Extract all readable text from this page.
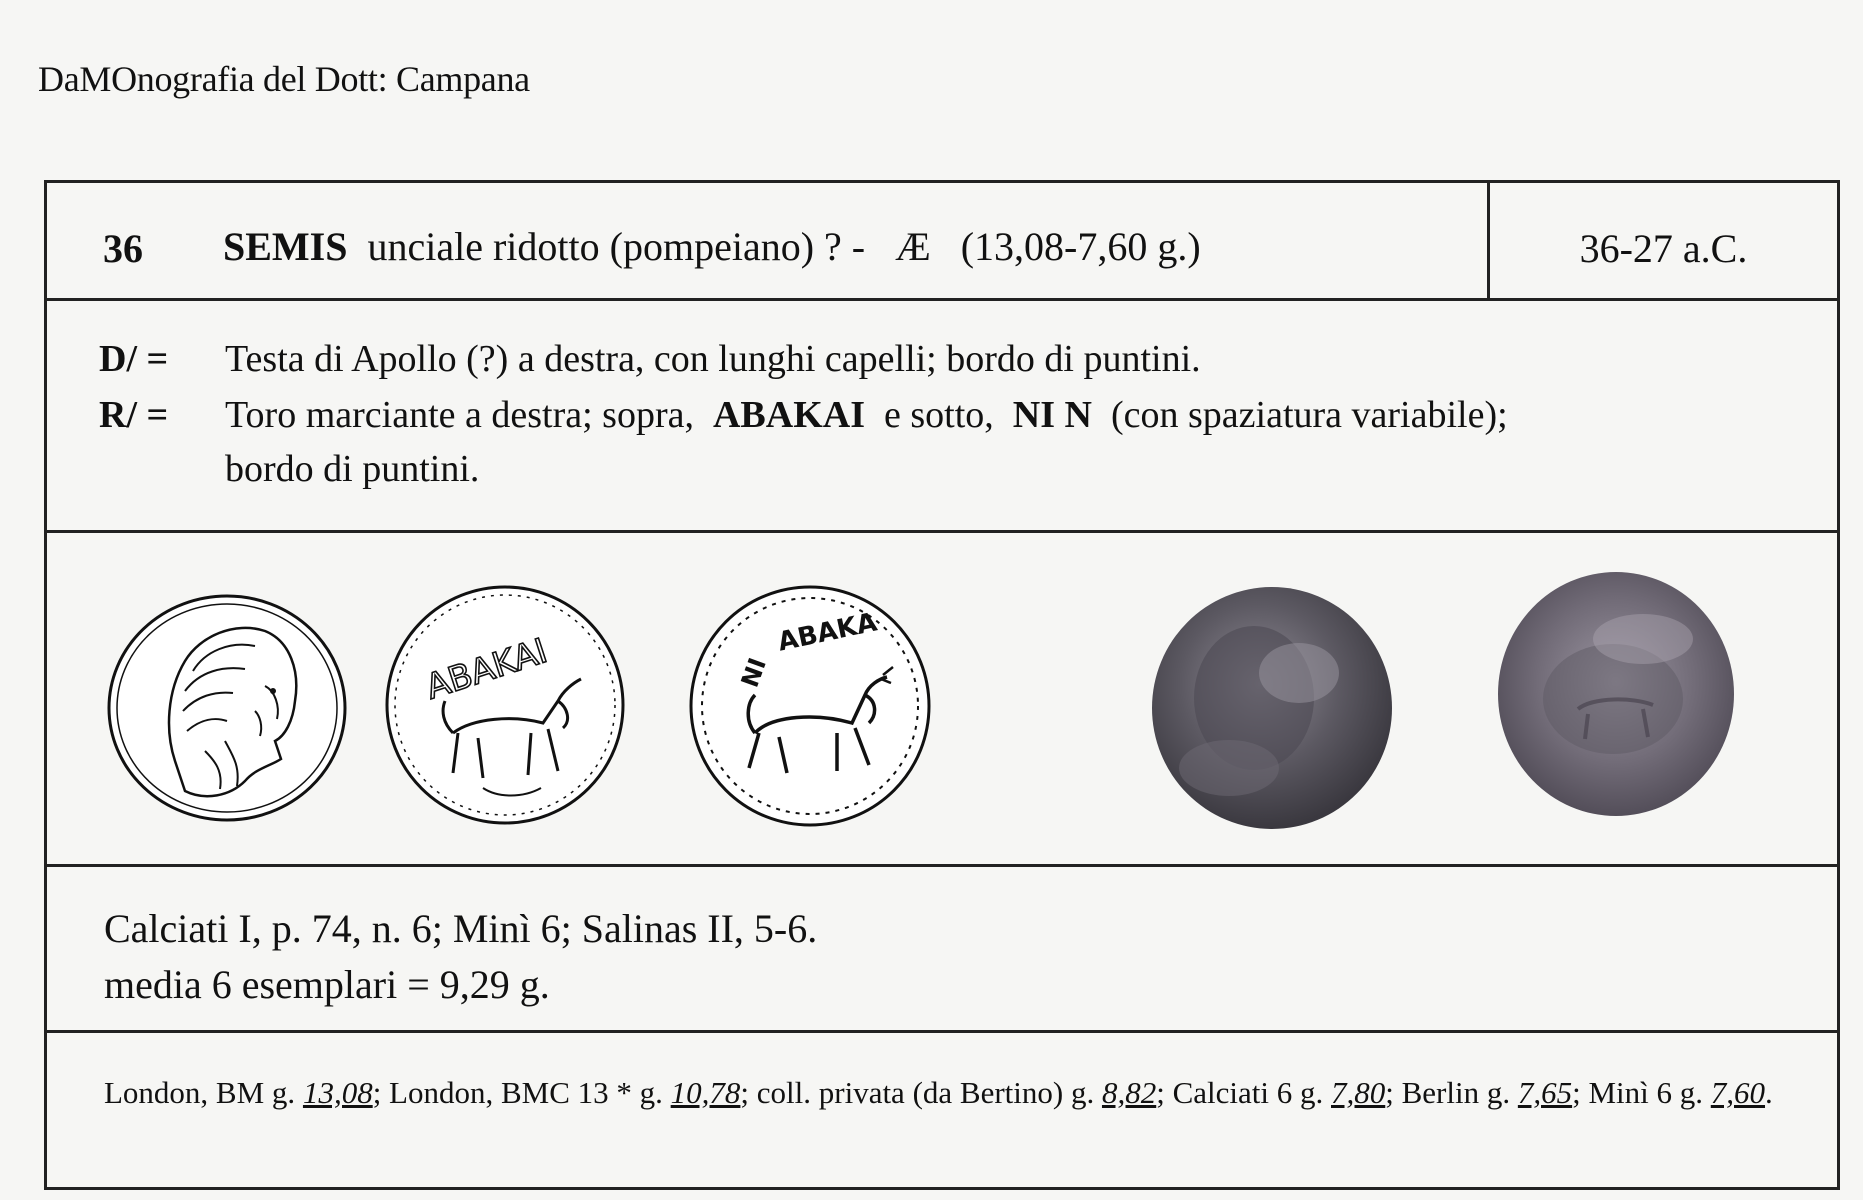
DaMOnografia del Dott: Campana
36 SEMIS unciale ridotto (pompeiano) ? - Æ (13,08-7,60 g.)	36-27 a.C.
D/ = Testa di Apollo (?) a destra, con lunghi capelli; bordo di puntini.
R/ = Toro marciante a destra; sopra, ABAKAI e sotto, NI N (con spaziatura variabile);
bordo di puntini.
ABAKAI	ABAKA
NI
Calciati I, p. 74, n. 6; Minì 6; Salinas II, 5-6.
media 6 esemplari = 9,29 g.
London, BM g. 13,08; London, BMC 13 * g. 10,78; coll. privata (da Bertino) g. 8,82; Calciati 6 g. 7,80; Berlin g. 7,65; Minì 6 g. 7,60.
